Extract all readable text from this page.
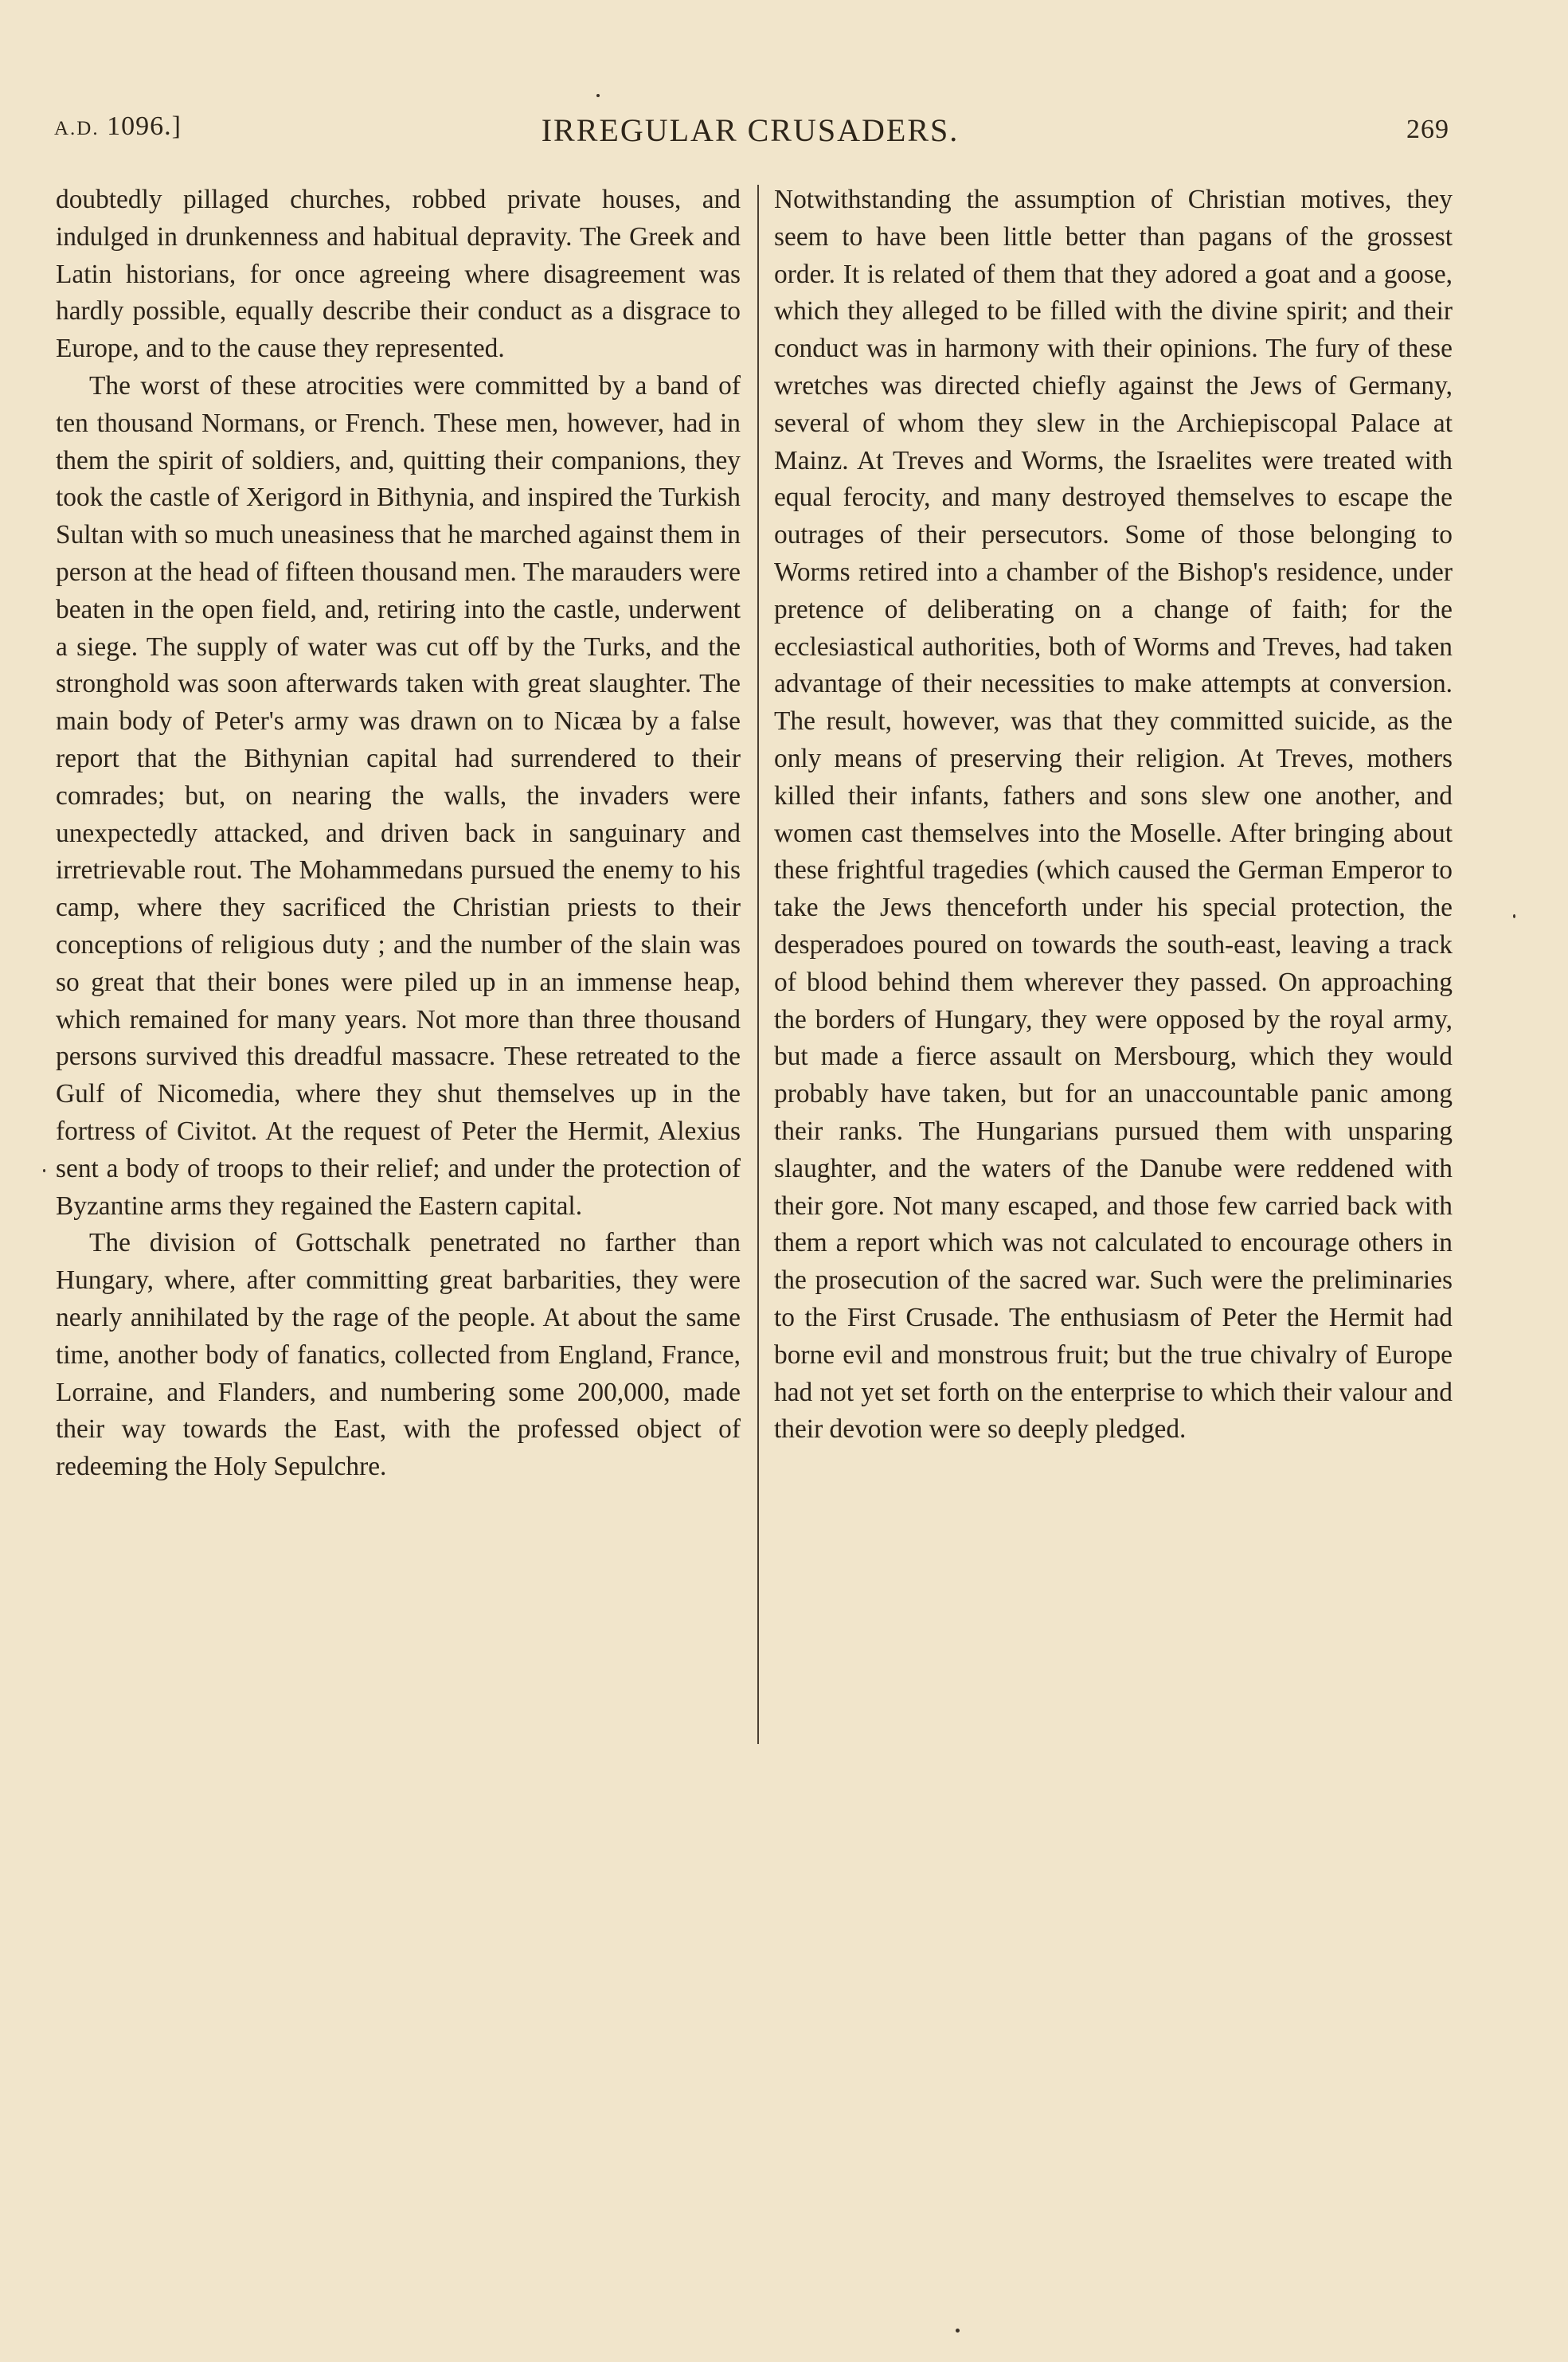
A.D. 1096.]	IRREGULAR CRUSADERS.	269

doubtedly pillaged churches, robbed private houses, and indulged in drunkenness and habitual depravity. The Greek and Latin historians, for once agreeing where disagreement was hardly possible, equally describe their conduct as a disgrace to Europe, and to the cause they represented.

The worst of these atrocities were committed by a band of ten thousand Normans, or French. These men, however, had in them the spirit of soldiers, and, quitting their companions, they took the castle of Xerigord in Bithynia, and inspired the Turkish Sultan with so much uneasiness that he marched against them in person at the head of fifteen thousand men. The marauders were beaten in the open field, and, retiring into the castle, underwent a siege. The supply of water was cut off by the Turks, and the stronghold was soon afterwards taken with great slaughter. The main body of Peter's army was drawn on to Nicæa by a false report that the Bithynian capital had surrendered to their comrades; but, on nearing the walls, the invaders were unexpectedly attacked, and driven back in sanguinary and irretrievable rout. The Mohammedans pursued the enemy to his camp, where they sacrificed the Christian priests to their conceptions of religious duty ; and the number of the slain was so great that their bones were piled up in an immense heap, which remained for many years. Not more than three thousand persons survived this dreadful massacre. These retreated to the Gulf of Nicomedia, where they shut themselves up in the fortress of Civitot. At the request of Peter the Hermit, Alexius sent a body of troops to their relief; and under the protection of Byzantine arms they regained the Eastern capital.

The division of Gottschalk penetrated no farther than Hungary, where, after committing great barbarities, they were nearly annihilated by the rage of the people. At about the same time, another body of fanatics, collected from England, France, Lorraine, and Flanders, and numbering some 200,000, made their way towards the East, with the professed object of redeeming the Holy Sepulchre.

Notwithstanding the assumption of Christian motives, they seem to have been little better than pagans of the grossest order. It is related of them that they adored a goat and a goose, which they alleged to be filled with the divine spirit; and their conduct was in harmony with their opinions. The fury of these wretches was directed chiefly against the Jews of Germany, several of whom they slew in the Archiepiscopal Palace at Mainz. At Treves and Worms, the Israelites were treated with equal ferocity, and many destroyed themselves to escape the outrages of their persecutors. Some of those belonging to Worms retired into a chamber of the Bishop's residence, under pretence of deliberating on a change of faith; for the ecclesiastical authorities, both of Worms and Treves, had taken advantage of their necessities to make attempts at conversion. The result, however, was that they committed suicide, as the only means of preserving their religion. At Treves, mothers killed their infants, fathers and sons slew one another, and women cast themselves into the Moselle. After bringing about these frightful tragedies (which caused the German Emperor to take the Jews thenceforth under his special protection, the desperadoes poured on towards the south-east, leaving a track of blood behind them wherever they passed. On approaching the borders of Hungary, they were opposed by the royal army, but made a fierce assault on Mersbourg, which they would probably have taken, but for an unaccountable panic among their ranks. The Hungarians pursued them with unsparing slaughter, and the waters of the Danube were reddened with their gore. Not many escaped, and those few carried back with them a report which was not calculated to encourage others in the prosecution of the sacred war. Such were the preliminaries to the First Crusade. The enthusiasm of Peter the Hermit had borne evil and monstrous fruit; but the true chivalry of Europe had not yet set forth on the enterprise to which their valour and their devotion were so deeply pledged.
